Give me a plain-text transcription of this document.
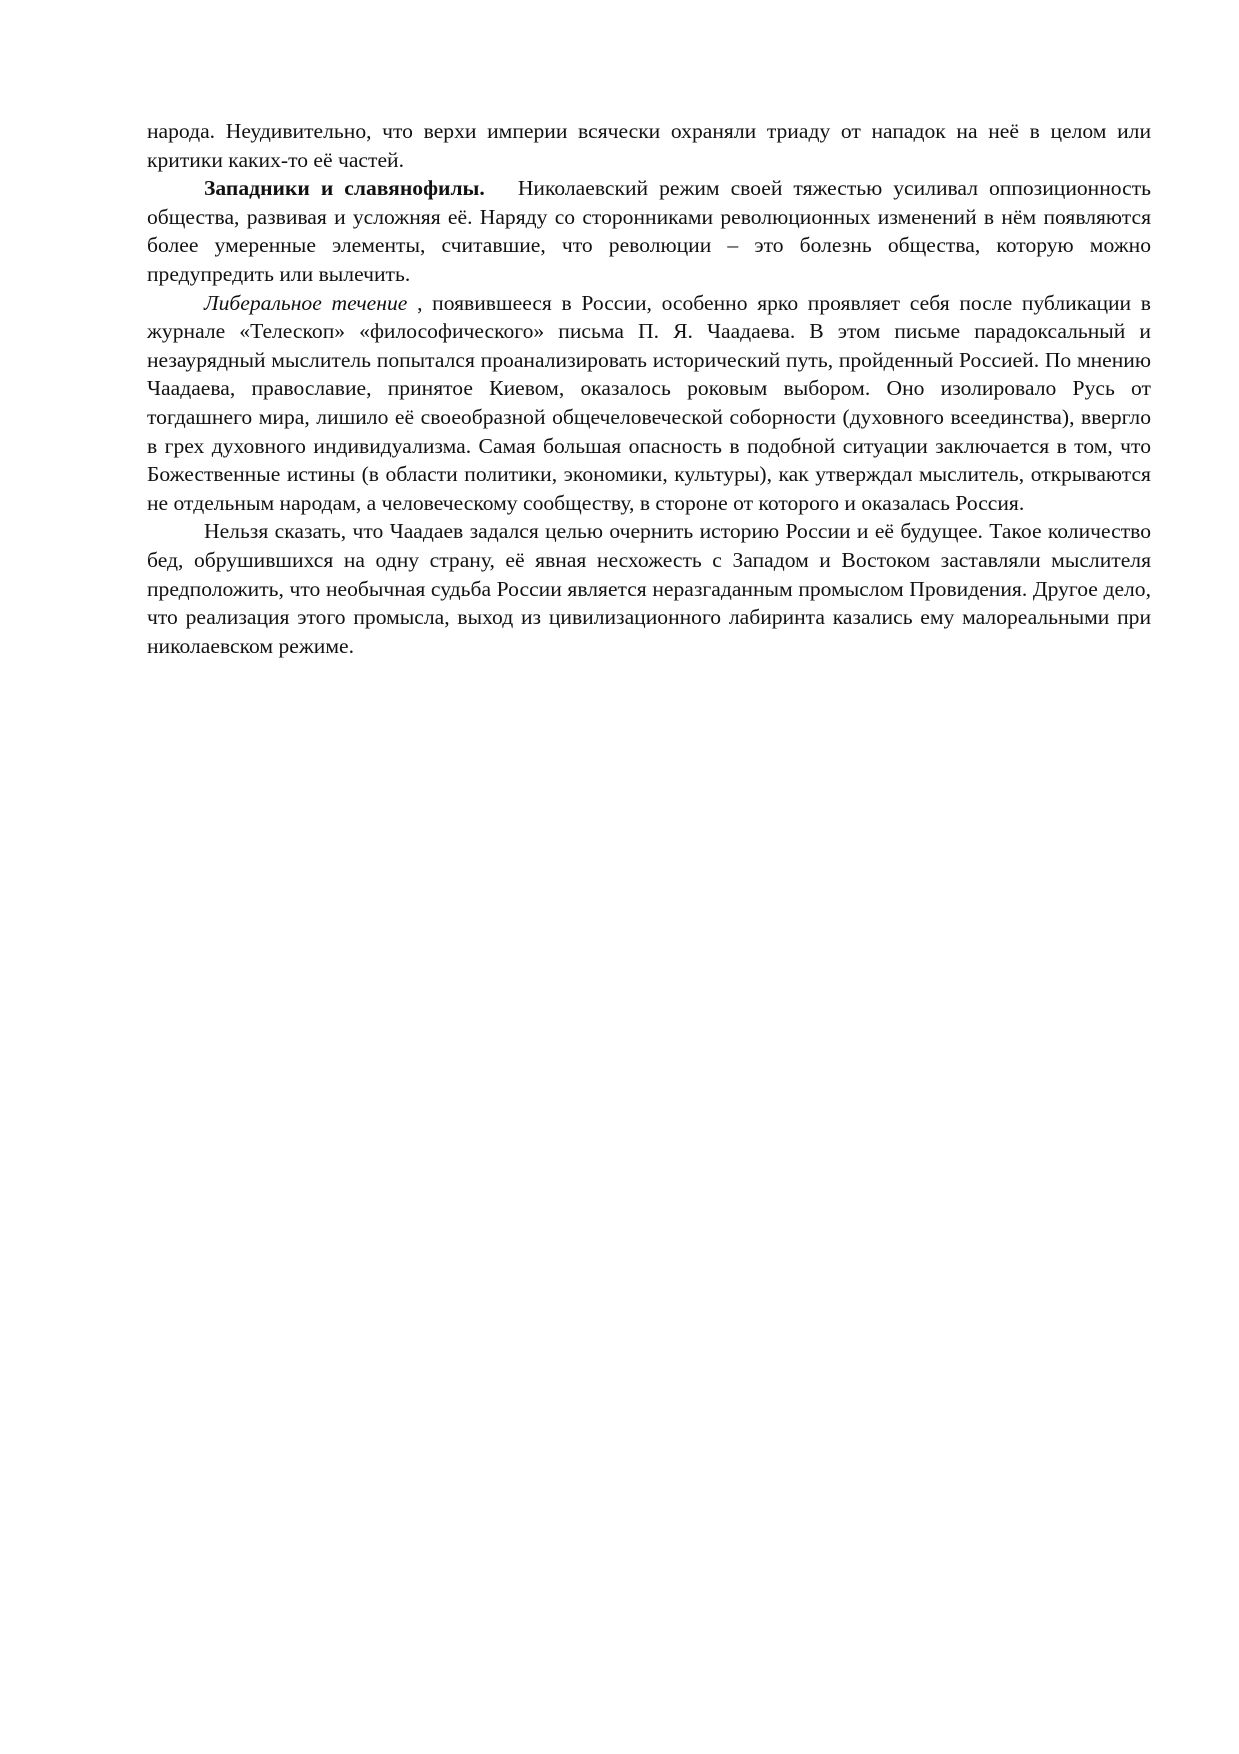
народа. Неудивительно, что верхи империи всячески охраняли триаду от нападок на неё в целом или критики каких-то её частей.

Западники и славянофилы.   Николаевский режим своей тяжестью усиливал оппозиционность общества, развивая и усложняя её. Наряду со сторонниками революционных изменений в нём появляются более умеренные элементы, считавшие, что революции – это болезнь общества, которую можно предупредить или вылечить.

Либеральное течение , появившееся в России, особенно ярко проявляет себя после публикации в журнале «Телескоп» «философического» письма П. Я. Чаадаева. В этом письме парадоксальный и незаурядный мыслитель попытался проанализировать исторический путь, пройденный Россией. По мнению Чаадаева, православие, принятое Киевом, оказалось роковым выбором. Оно изолировало Русь от тогдашнего мира, лишило её своеобразной общечеловеческой соборности (духовного всеединства), ввергло в грех духовного индивидуализма. Самая большая опасность в подобной ситуации заключается в том, что Божественные истины (в области политики, экономики, культуры), как утверждал мыслитель, открываются не отдельным народам, а человеческому сообществу, в стороне от которого и оказалась Россия.

Нельзя сказать, что Чаадаев задался целью очернить историю России и её будущее. Такое количество бед, обрушившихся на одну страну, её явная несхожесть с Западом и Востоком заставляли мыслителя предположить, что необычная судьба России является неразгаданным промыслом Провидения. Другое дело, что реализация этого промысла, выход из цивилизационного лабиринта казались ему малореальными при николаевском режиме.
